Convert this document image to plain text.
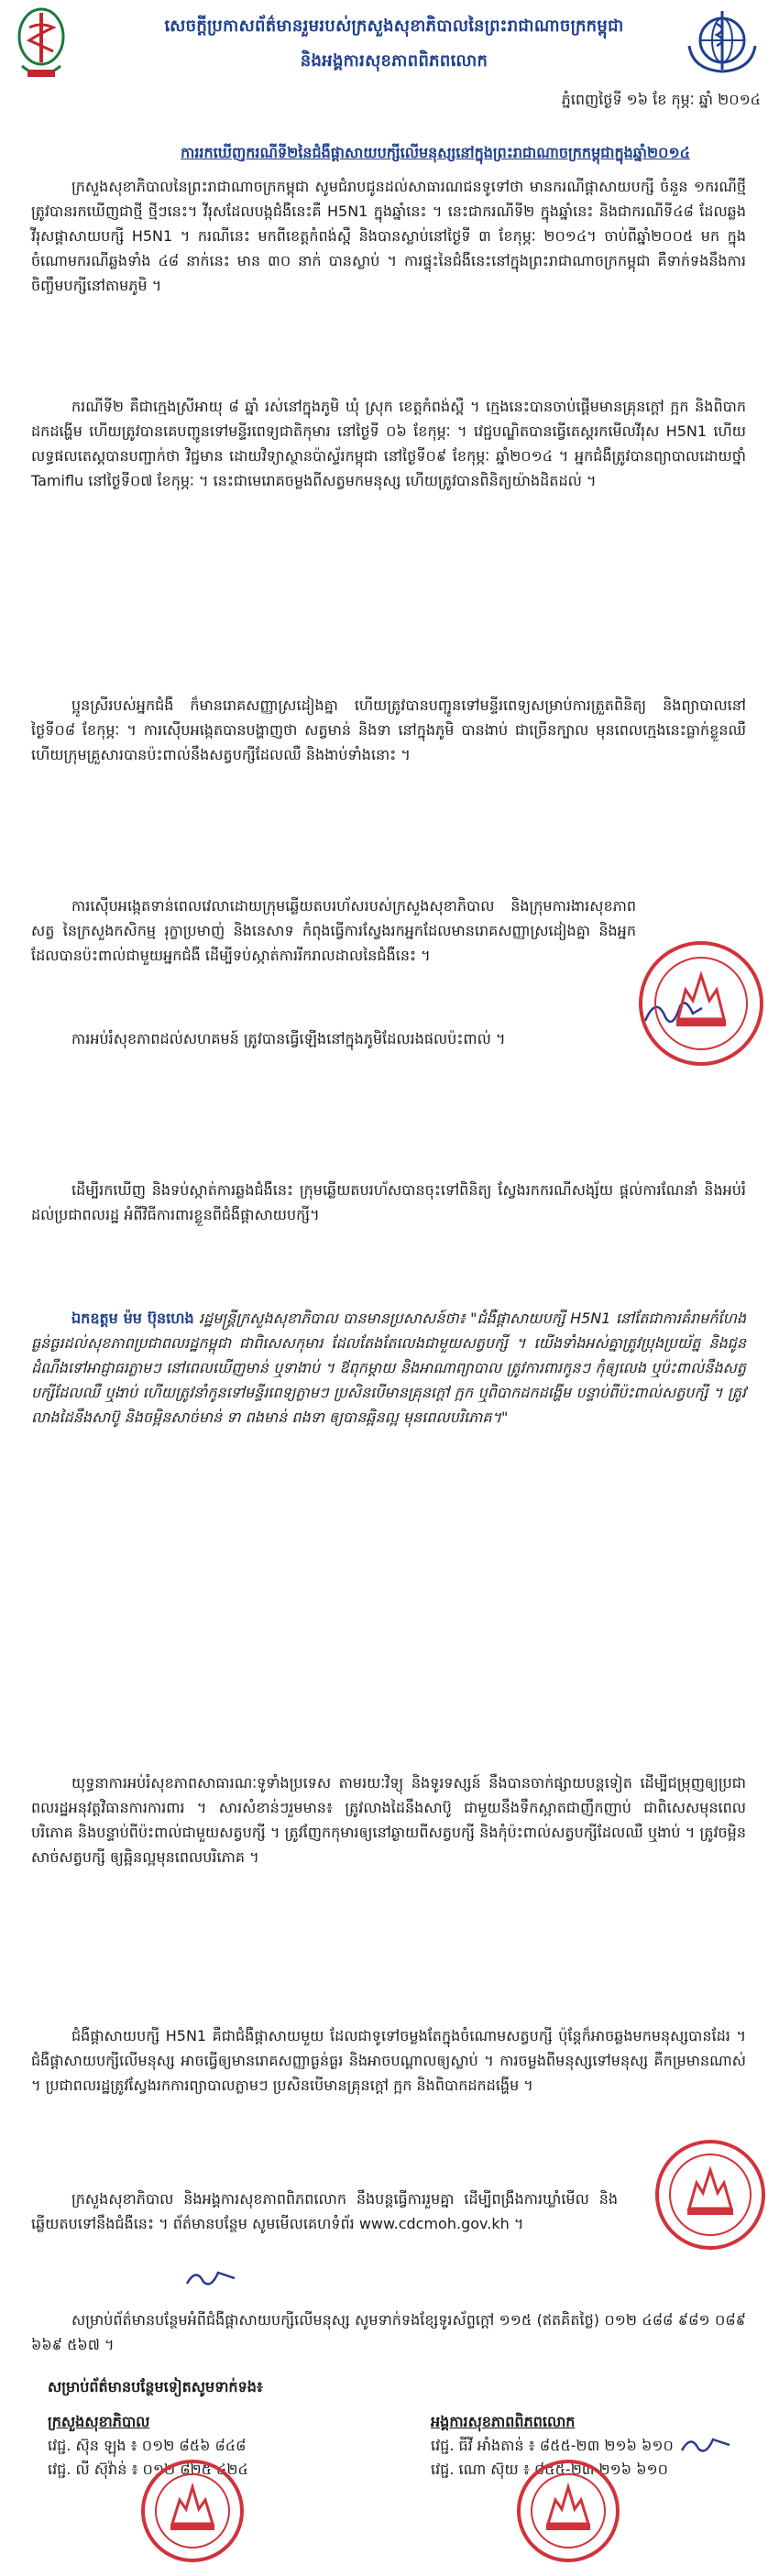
សេចក្តីប្រកាសព័ត៌មានរួមរបស់ក្រសួងសុខាភិបាលនៃព្រះរាជាណាចក្រកម្ពុជា
និងអង្គការសុខភាពពិភពលោក
ភ្នំពេញថ្ងៃទី ១៦ ខែ កុម្ភៈ ឆ្នាំ ២០១៤
ការរកឃើញករណីទី២នៃជំងឺផ្តាសាយបក្សីលើមនុស្សនៅក្នុងព្រះរាជាណាចក្រកម្ពុជាក្នុងឆ្នាំ២០១៤

ក្រសួងសុខាភិបាលនៃព្រះរាជាណាចក្រកម្ពុជា សូមជំរាបជូនដល់សាធារណជនទូទៅថា មានករណីផ្តាសាយបក្សី ចំនួន ១ករណីថ្មី ត្រូវបានរកឃើញជាថ្មី ថ្មីៗនេះ។ វីរុសដែលបង្កជំងឺនេះគឺ H5N1 ក្នុងឆ្នាំនេះ ។ នេះជាករណីទី២ ក្នុងឆ្នាំនេះ និងជាករណីទី៤៨ ដែលឆ្លងវីរុសផ្តាសាយបក្សី H5N1 ។ ករណីនេះ មកពីខេត្តកំពង់ស្ពឺ និងបានស្លាប់នៅថ្ងៃទី ៣ ខែកុម្ភៈ ២០១៤។ ចាប់ពីឆ្នាំ២០០៥ មក ក្នុងចំណោមករណីឆ្លងទាំង ៤៨ នាក់នេះ មាន ៣០ នាក់ បានស្លាប់ ។ ការផ្ទុះនៃជំងឺនេះនៅក្នុងព្រះរាជាណាចក្រកម្ពុជា គឺទាក់ទងនឹងការចិញ្ចឹមបក្សីនៅតាមភូមិ ។

ករណីទី២ គឺជាក្មេងស្រីអាយុ ៨ ឆ្នាំ រស់នៅក្នុងភូមិ ឃុំ ស្រុក ខេត្តកំពង់ស្ពឺ ។ ក្មេងនេះបានចាប់ផ្តើមមានគ្រុនក្តៅ ក្អក និងពិបាកដកដង្ហើម ហើយត្រូវបានគេបញ្ជូនទៅមន្ទីរពេទ្យជាតិកុមារ នៅថ្ងៃទី ០៦ ខែកុម្ភៈ ។ វេជ្ជបណ្ឌិតបានធ្វើតេស្តរកមើលវីរុស H5N1 ហើយលទ្ធផលតេស្តបានបញ្ជាក់ថា វិជ្ជមាន ដោយវិទ្យាស្ថានប៉ាស្ទ័រកម្ពុជា នៅថ្ងៃទី០៩ ខែកុម្ភៈ ឆ្នាំ២០១៤ ។ អ្នកជំងឺត្រូវបានព្យាបាលដោយថ្នាំ Tamiflu នៅថ្ងៃទី០៧ ខែកុម្ភៈ ។ នេះជាមេរោគចម្លងពីសត្វមកមនុស្ស ហើយត្រូវបានពិនិត្យយ៉ាងដិតដល់ ។

ប្អូនស្រីរបស់អ្នកជំងឺ ក៏មានរោគសញ្ញាស្រដៀងគ្នា ហើយត្រូវបានបញ្ជូនទៅមន្ទីរពេទ្យសម្រាប់ការត្រួតពិនិត្យ និងព្យាបាលនៅថ្ងៃទី០៨ ខែកុម្ភៈ ។ ការស៊ើបអង្កេតបានបង្ហាញថា សត្វមាន់ និងទា នៅក្នុងភូមិ បានងាប់ ជាច្រើនក្បាល មុនពេលក្មេងនេះធ្លាក់ខ្លួនឈឺ ហើយក្រុមគ្រួសារបានប៉ះពាល់នឹងសត្វបក្សីដែលឈឺ និងងាប់ទាំងនោះ ។

ការស៊ើបអង្កេតទាន់ពេលវេលាដោយក្រុមឆ្លើយតបរហ័សរបស់ក្រសួងសុខាភិបាល និងក្រុមការងារសុខភាពសត្វ នៃក្រសួងកសិកម្ម រុក្ខាប្រមាញ់ និងនេសាទ កំពុងធ្វើការស្វែងរកអ្នកដែលមានរោគសញ្ញាស្រដៀងគ្នា និងអ្នកដែលបានប៉ះពាល់ជាមួយអ្នកជំងឺ ដើម្បីទប់ស្កាត់ការរីករាលដាលនៃជំងឺនេះ ។

ការអប់រំសុខភាពដល់សហគមន៍ ត្រូវបានធ្វើឡើងនៅក្នុងភូមិដែលរងផលប៉ះពាល់ ។

ដើម្បីរកឃើញ និងទប់ស្កាត់ការឆ្លងជំងឺនេះ ក្រុមឆ្លើយតបរហ័សបានចុះទៅពិនិត្យ ស្វែងរកករណីសង្ស័យ ផ្តល់ការណែនាំ និងអប់រំដល់ប្រជាពលរដ្ឋ អំពីវិធីការពារខ្លួនពីជំងឺផ្តាសាយបក្សី។

ឯកឧត្តម ម៉ម ប៊ុនហេង រដ្ឋមន្ត្រីក្រសួងសុខាភិបាល បានមានប្រសាសន៍ថា៖ "ជំងឺផ្តាសាយបក្សី H5N1 នៅតែជាការគំរាមកំហែងធ្ងន់ធ្ងរដល់សុខភាពប្រជាពលរដ្ឋកម្ពុជា ជាពិសេសកុមារ ដែលតែងតែលេងជាមួយសត្វបក្សី ។ យើងទាំងអស់គ្នាត្រូវប្រុងប្រយ័ត្ន និងជូនដំណឹងទៅអាជ្ញាធរភ្លាមៗ នៅពេលឃើញមាន់ ឬទាងាប់ ។ ឪពុកម្តាយ និងអាណាព្យាបាល ត្រូវការពារកូនៗ កុំឲ្យលេង ឬប៉ះពាល់នឹងសត្វបក្សីដែលឈឺ ឬងាប់ ហើយត្រូវនាំកូនទៅមន្ទីរពេទ្យភ្លាមៗ ប្រសិនបើមានគ្រុនក្តៅ ក្អក ឬពិបាកដកដង្ហើម បន្ទាប់ពីប៉ះពាល់សត្វបក្សី ។ ត្រូវលាងដៃនឹងសាប៊ូ និងចម្អិនសាច់មាន់ ទា ពងមាន់ ពងទា ឲ្យបានឆ្អិនល្អ មុនពេលបរិភោគ។"

យុទ្ធនាការអប់រំសុខភាពសាធារណៈទូទាំងប្រទេស តាមរយៈវិទ្យុ និងទូរទស្សន៍ នឹងបានចាក់ផ្សាយបន្តទៀត ដើម្បីជម្រុញឲ្យប្រជាពលរដ្ឋអនុវត្តវិធានការការពារ ។ សារសំខាន់ៗរួមមាន៖ ត្រូវលាងដៃនឹងសាប៊ូ ជាមួយនឹងទឹកស្អាតជាញឹកញាប់ ជាពិសេសមុនពេលបរិភោគ និងបន្ទាប់ពីប៉ះពាល់ជាមួយសត្វបក្សី ។ ត្រូវញែកកុមារឲ្យនៅឆ្ងាយពីសត្វបក្សី និងកុំប៉ះពាល់សត្វបក្សីដែលឈឺ ឬងាប់ ។ ត្រូវចម្អិនសាច់សត្វបក្សី ឲ្យឆ្អិនល្អមុនពេលបរិភោគ ។

ជំងឺផ្តាសាយបក្សី H5N1 គឺជាជំងឺផ្តាសាយមួយ ដែលជាទូទៅចម្លងតែក្នុងចំណោមសត្វបក្សី ប៉ុន្តែក៏អាចឆ្លងមកមនុស្សបានដែរ ។ ជំងឺផ្តាសាយបក្សីលើមនុស្ស អាចធ្វើឲ្យមានរោគសញ្ញាធ្ងន់ធ្ងរ និងអាចបណ្តាលឲ្យស្លាប់ ។ ការចម្លងពីមនុស្សទៅមនុស្ស គឺកម្រមានណាស់ ។ ប្រជាពលរដ្ឋត្រូវស្វែងរកការព្យាបាលភ្លាមៗ ប្រសិនបើមានគ្រុនក្តៅ ក្អក និងពិបាកដកដង្ហើម ។

ក្រសួងសុខាភិបាល និងអង្គការសុខភាពពិភពលោក នឹងបន្តធ្វើការរួមគ្នា ដើម្បីពង្រឹងការឃ្លាំមើល និងឆ្លើយតបទៅនឹងជំងឺនេះ ។ ព័ត៌មានបន្ថែម សូមមើលគេហទំព័រ www.cdcmoh.gov.kh ។

សម្រាប់ព័ត៌មានបន្ថែមអំពីជំងឺផ្តាសាយបក្សីលើមនុស្ស សូមទាក់ទងខ្សែទូរស័ព្ទក្តៅ ១១៥ (ឥតគិតថ្លៃ) ០១២ ៤៨៨ ៩៨១ ០៨៩ ៦៦៩ ៥៦៧ ។

សម្រាប់ព័ត៌មានបន្ថែមទៀតសូមទាក់ទង៖
ក្រសួងសុខាភិបាល
វេជ្ជ. ស៊ុន ឡុង ៖ ០១២ ៨៥៦ ៨៤៨
វេជ្ជ. លី ស៊ុវ៉ាន់ ៖ ០១២ ៨២៥ ៤២៤
អង្គការសុខភាពពិភពលោក
វេជ្ជ. ធីវី អាំងតាន់ ៖ ៨៥៥-២៣ ២១៦ ៦១០
វេជ្ជ. ណោ ស៊ុយ ៖ ៨៥៥-២៣ ២១៦ ៦១០
